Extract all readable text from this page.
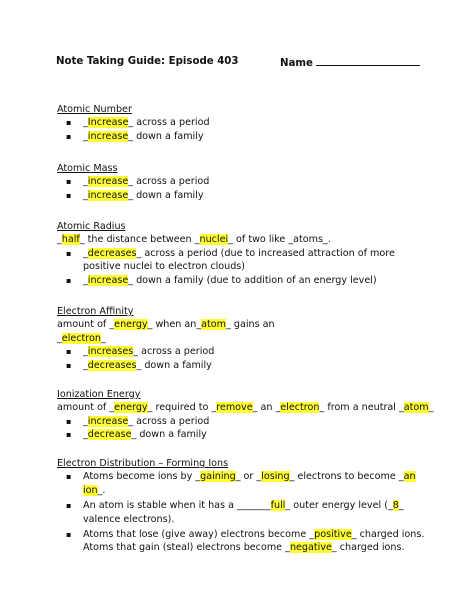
Note Taking Guide: Episode 403	Name
Atomic Number
▪ _Increase_ across a period
▪ _increase_ down a family
Atomic Mass
▪ _increase_ across a period
▪ _increase_ down a family
Atomic Radius
_half_ the distance between _nuclei_ of two like _atoms_.
▪ _decreases_ across a period (due to increased attraction of more positive nuclei to electron clouds)
▪ _increase_ down a family (due to addition of an energy level)
Electron Affinity
amount of _energy_ when an_atom_ gains an
_electron_
▪ _increases_ across a period
▪ _decreases_ down a family
Ionization Energy
amount of _energy_ required to _remove_ an _electron_ from a neutral _atom_
▪ _increase_ across a period
▪ _decrease_ down a family
Electron Distribution – Forming Ions
▪ Atoms become ions by _gaining_ or _losing_ electrons to become _an ion_.
▪ An atom is stable when it has a _______full_ outer energy level (_8_ valence electrons).
▪ Atoms that lose (give away) electrons become _positive_ charged ions. Atoms that gain (steal) electrons become _negative_ charged ions.
